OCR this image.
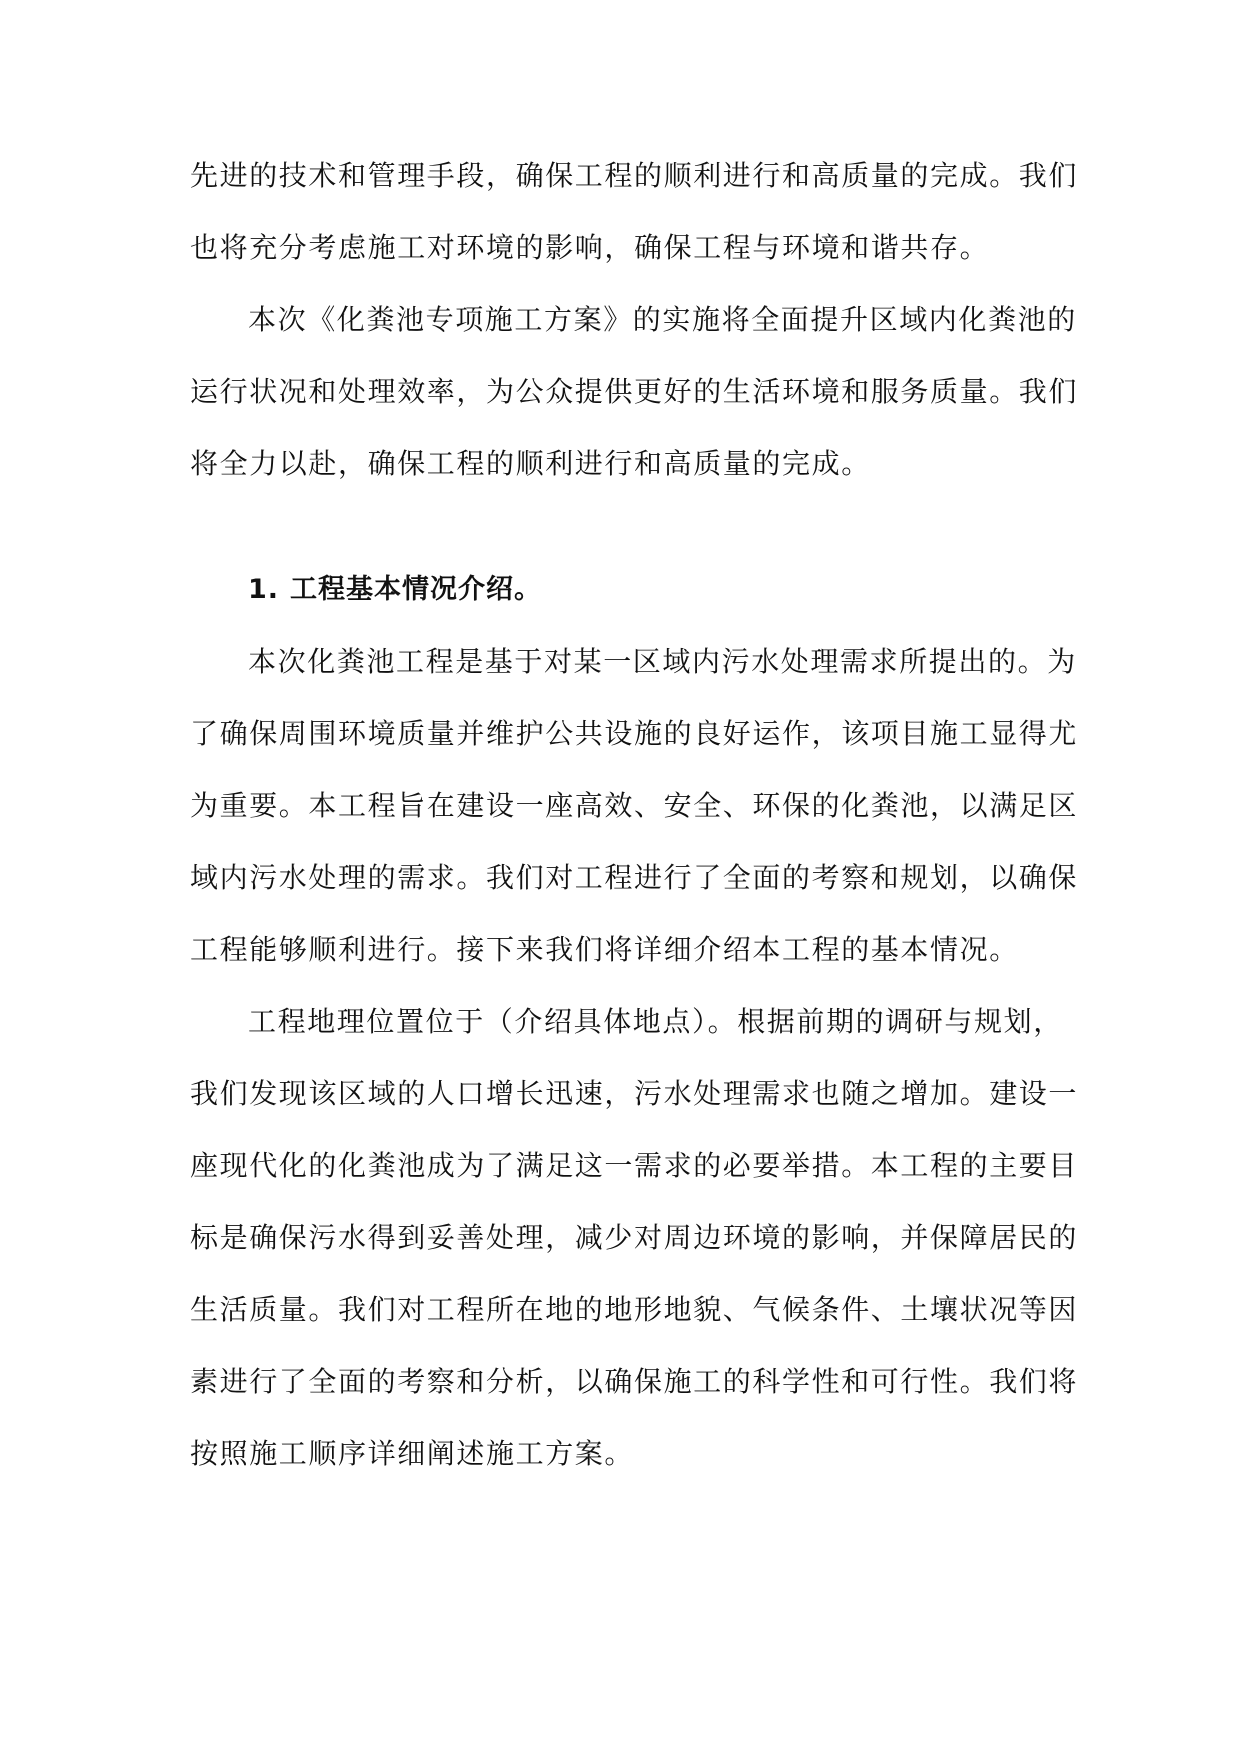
先进的技术和管理手段，确保工程的顺利进行和高质量的完成。我们
也将充分考虑施工对环境的影响，确保工程与环境和谐共存。
本次《化粪池专项施工方案》的实施将全面提升区域内化粪池的
运行状况和处理效率，为公众提供更好的生活环境和服务质量。我们
将全力以赴，确保工程的顺利进行和高质量的完成。
1. 工程基本情况介绍。
本次化粪池工程是基于对某一区域内污水处理需求所提出的。为
了确保周围环境质量并维护公共设施的良好运作，该项目施工显得尤
为重要。本工程旨在建设一座高效、安全、环保的化粪池，以满足区
域内污水处理的需求。我们对工程进行了全面的考察和规划，以确保
工程能够顺利进行。接下来我们将详细介绍本工程的基本情况。
工程地理位置位于（介绍具体地点）。根据前期的调研与规划，
我们发现该区域的人口增长迅速，污水处理需求也随之增加。建设一
座现代化的化粪池成为了满足这一需求的必要举措。本工程的主要目
标是确保污水得到妥善处理，减少对周边环境的影响，并保障居民的
生活质量。我们对工程所在地的地形地貌、气候条件、土壤状况等因
素进行了全面的考察和分析，以确保施工的科学性和可行性。我们将
按照施工顺序详细阐述施工方案。
